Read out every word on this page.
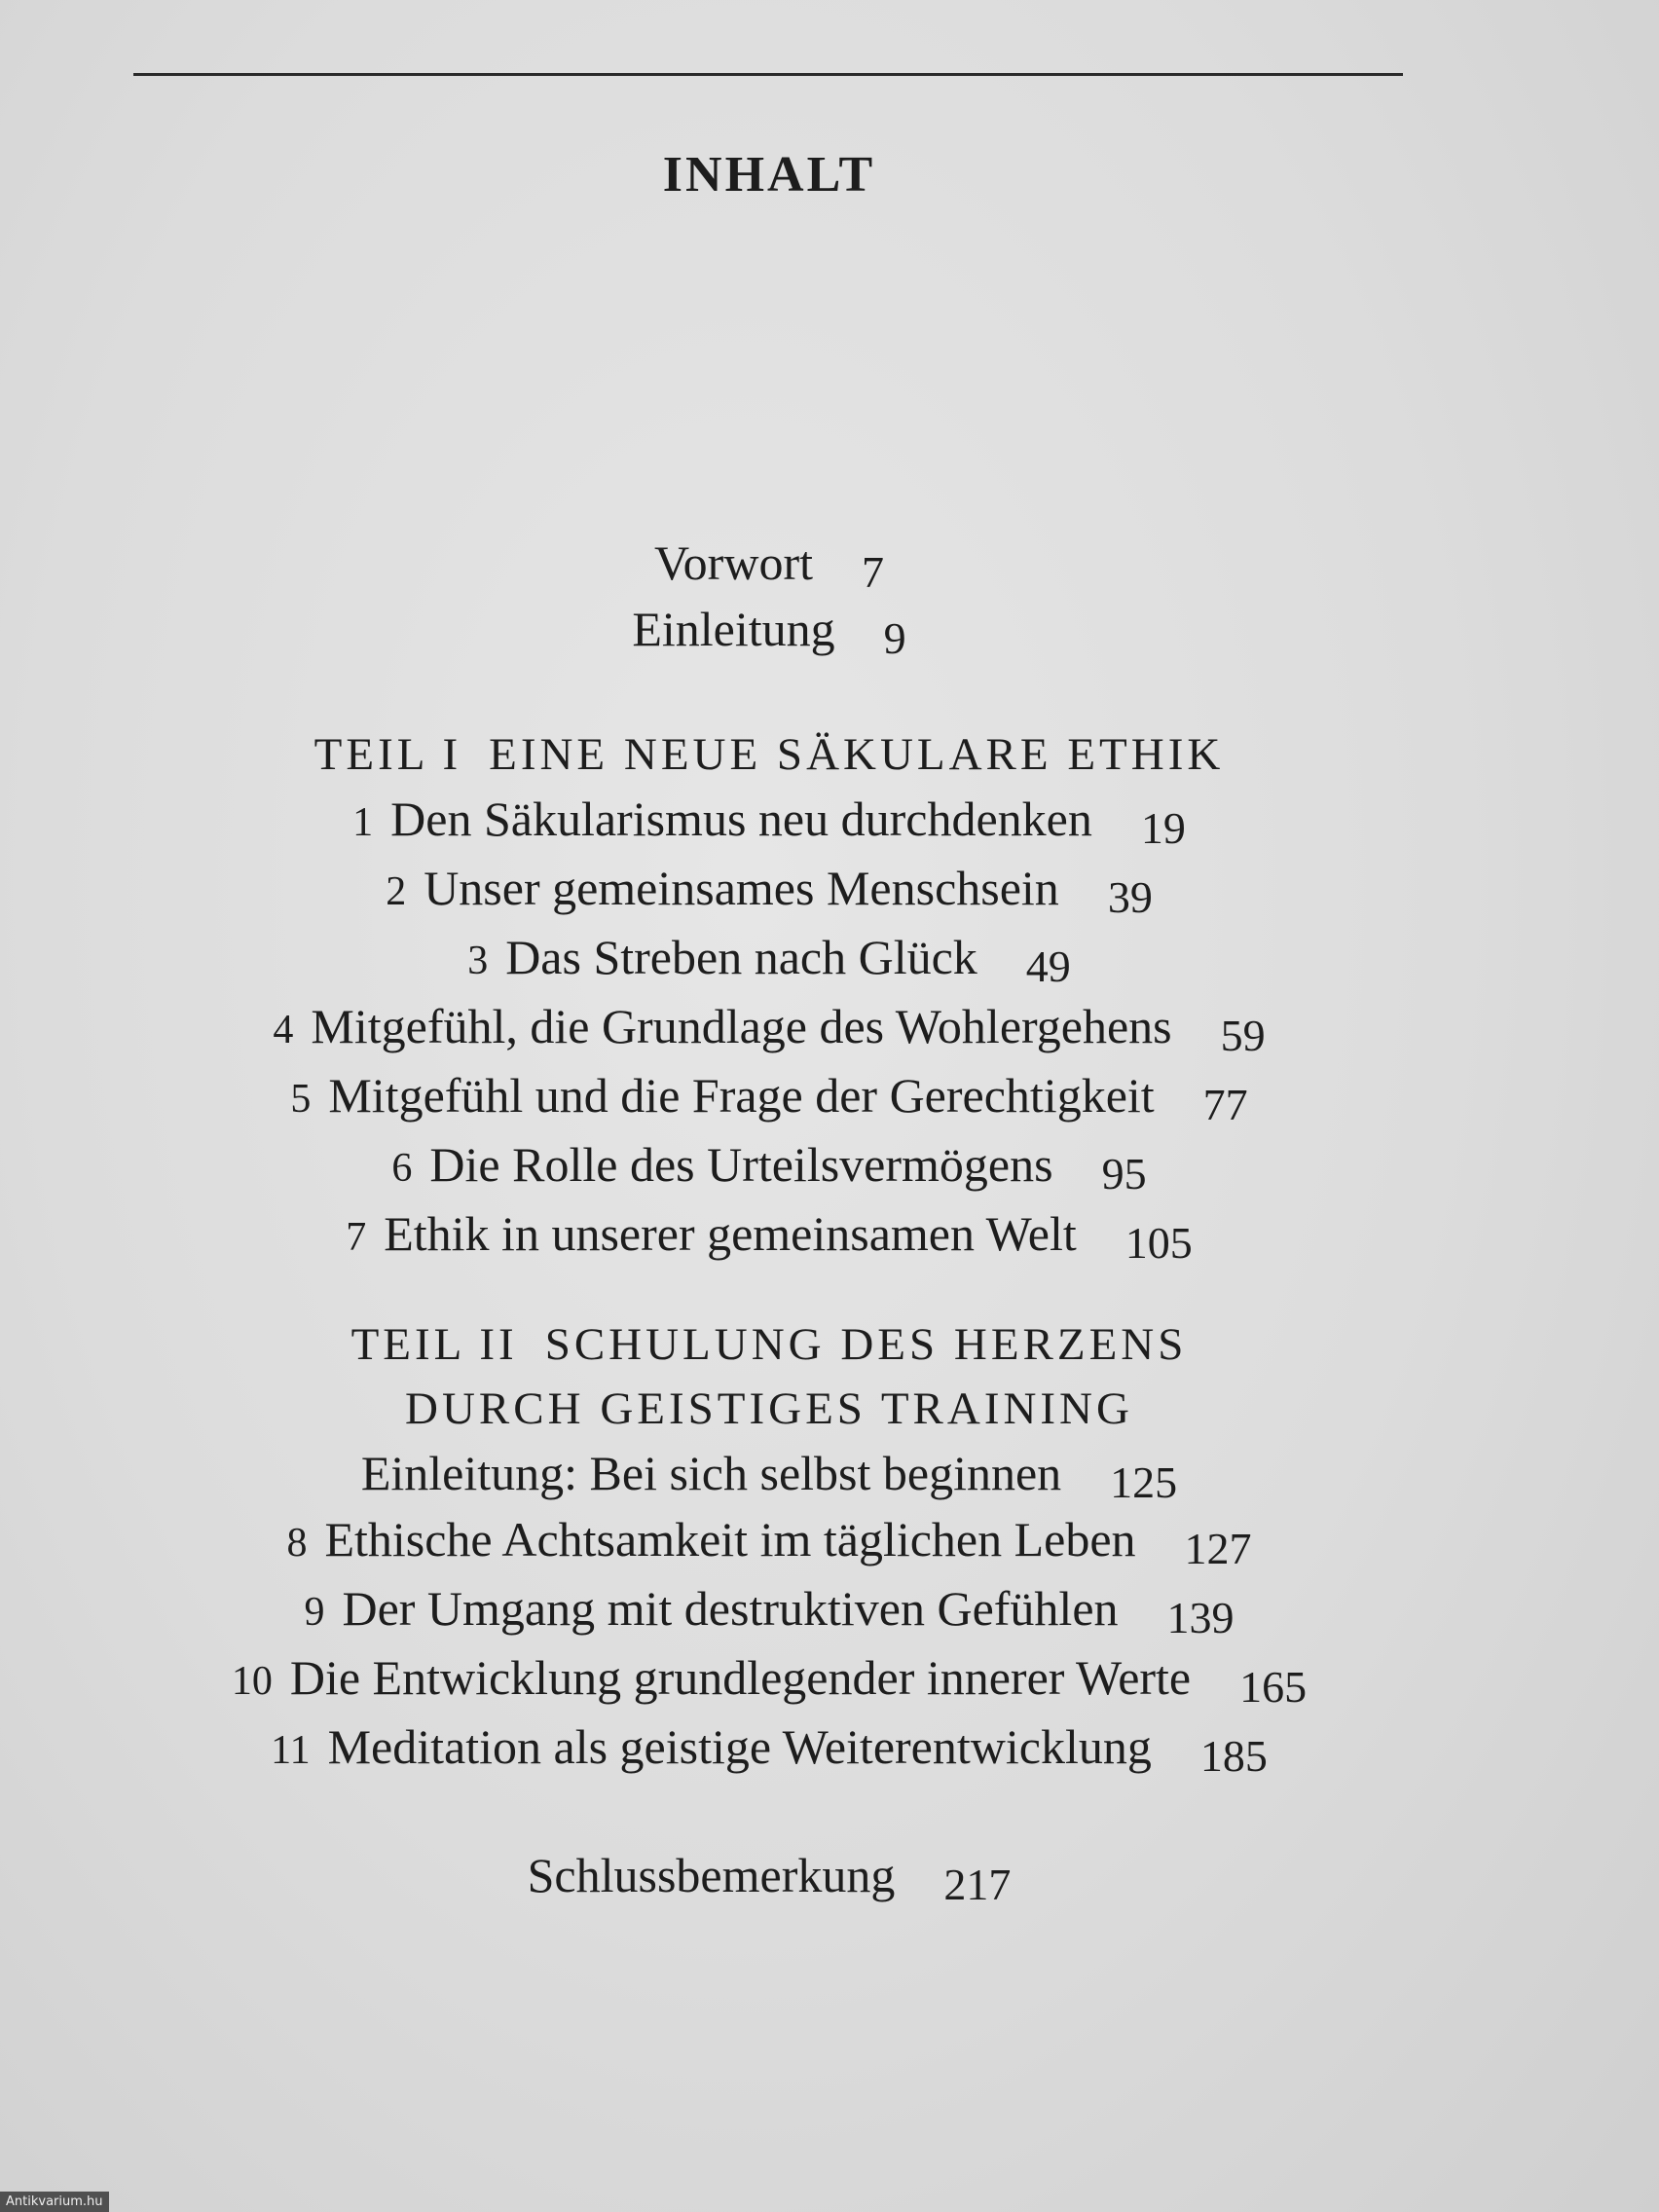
INHALT
Vorwort 7
Einleitung 9
TEIL I EINE NEUE SÄKULARE ETHIK
1 Den Säkularismus neu durchdenken 19
2 Unser gemeinsames Menschsein 39
3 Das Streben nach Glück 49
4 Mitgefühl, die Grundlage des Wohlergehens 59
5 Mitgefühl und die Frage der Gerechtigkeit 77
6 Die Rolle des Urteilsvermögens 95
7 Ethik in unserer gemeinsamen Welt 105
TEIL II SCHULUNG DES HERZENS
DURCH GEISTIGES TRAINING
Einleitung: Bei sich selbst beginnen 125
8 Ethische Achtsamkeit im täglichen Leben 127
9 Der Umgang mit destruktiven Gefühlen 139
10 Die Entwicklung grundlegender innerer Werte 165
11 Meditation als geistige Weiterentwicklung 185
Schlussbemerkung 217
Antikvarium.hu
